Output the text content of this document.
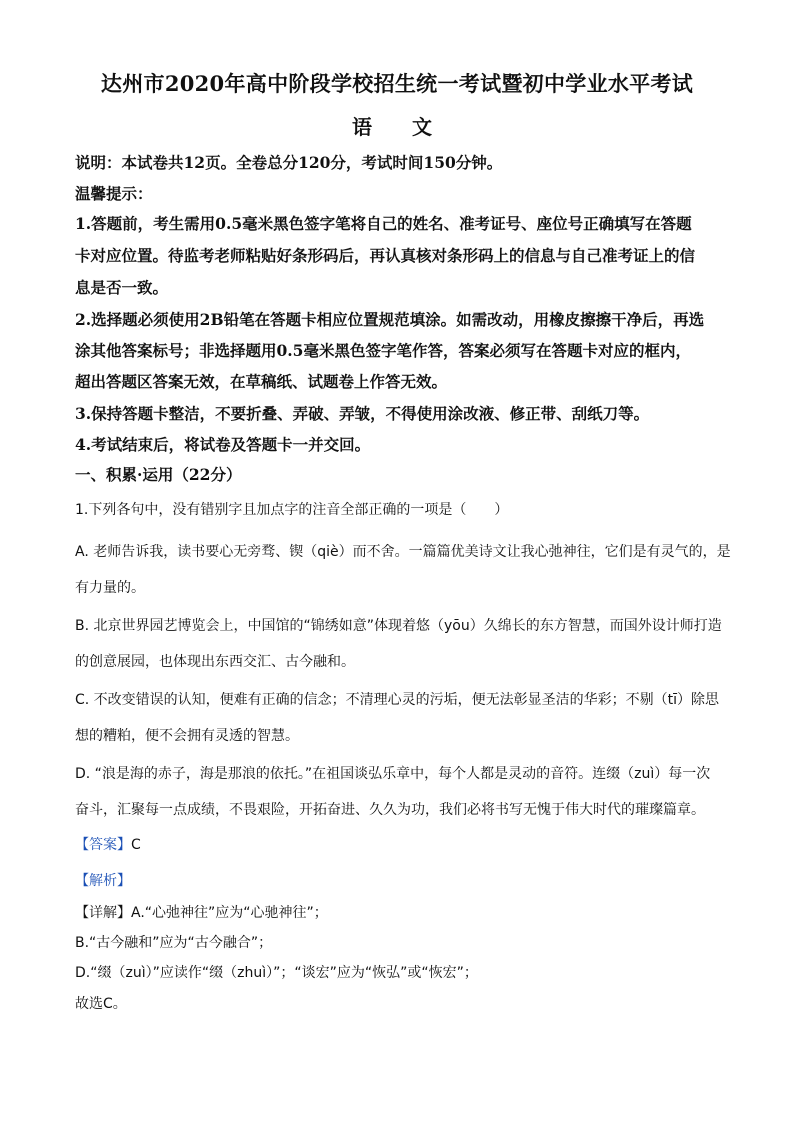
达州市2020年高中阶段学校招生统一考试暨初中学业水平考试
语　文
说明：本试卷共12页。全卷总分120分，考试时间150分钟。
温馨提示：
1.答题前，考生需用0.5毫米黑色签字笔将自己的姓名、准考证号、座位号正确填写在答题
卡对应位置。待监考老师粘贴好条形码后，再认真核对条形码上的信息与自己准考证上的信
息是否一致。
2.选择题必须使用2B铅笔在答题卡相应位置规范填涂。如需改动，用橡皮擦擦干净后，再选
涂其他答案标号；非选择题用0.5毫米黑色签字笔作答，答案必须写在答题卡对应的框内，
超出答题区答案无效，在草稿纸、试题卷上作答无效。
3.保持答题卡整洁，不要折叠、弄破、弄皱，不得使用涂改液、修正带、刮纸刀等。
4.考试结束后，将试卷及答题卡一并交回。
一、积累·运用（22分）
1.下列各句中，没有错别字且加点字的注音全部正确的一项是（　　）
A. 老师告诉我，读书要心无旁骛、锲（qiè）而不舍。一篇篇优美诗文让我心弛神往，它们是有灵气的，是
有力量的。
B. 北京世界园艺博览会上，中国馆的“锦绣如意”体现着悠（yōu）久绵长的东方智慧，而国外设计师打造
的创意展园，也体现出东西交汇、古今融和。
C. 不改变错误的认知，便难有正确的信念；不清理心灵的污垢，便无法彰显圣洁的华彩；不剔（tī）除思
想的糟粕，便不会拥有灵透的智慧。
D. “浪是海的赤子，海是那浪的依托。”在祖国谈弘乐章中，每个人都是灵动的音符。连缀（zuì）每一次
奋斗，汇聚每一点成绩，不畏艰险，开拓奋进、久久为功，我们必将书写无愧于伟大时代的璀璨篇章。
【答案】C
【解析】
【详解】A.“心弛神往”应为“心驰神往”；
B.“古今融和”应为“古今融合”；
D.“缀（zuì）”应读作“缀（zhuì）”；“谈宏”应为“恢弘”或“恢宏”；
故选C。
